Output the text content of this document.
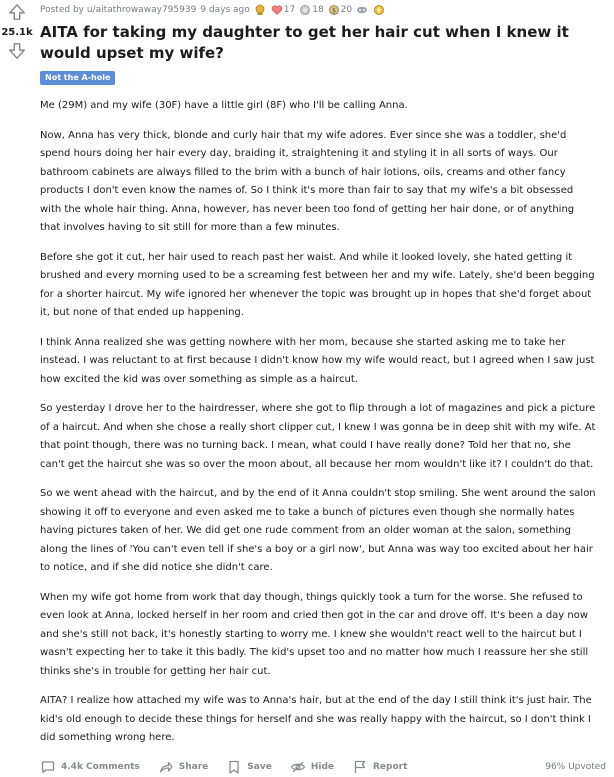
25.1k
Posted by u/aitathrowaway795939 9 days ago	17 18 $ 20
AITA for taking my daughter to get her hair cut when I knew it would upset my wife?
Not the A-hole

Me (29M) and my wife (30F) have a little girl (8F) who I'll be calling Anna.

Now, Anna has very thick, blonde and curly hair that my wife adores. Ever since she was a toddler, she'd spend hours doing her hair every day, braiding it, straightening it and styling it in all sorts of ways. Our bathroom cabinets are always filled to the brim with a bunch of hair lotions, oils, creams and other fancy products I don't even know the names of. So I think it's more than fair to say that my wife's a bit obsessed with the whole hair thing. Anna, however, has never been too fond of getting her hair done, or of anything that involves having to sit still for more than a few minutes.

Before she got it cut, her hair used to reach past her waist. And while it looked lovely, she hated getting it brushed and every morning used to be a screaming fest between her and my wife. Lately, she'd been begging for a shorter haircut. My wife ignored her whenever the topic was brought up in hopes that she'd forget about it, but none of that ended up happening.

I think Anna realized she was getting nowhere with her mom, because she started asking me to take her instead. I was reluctant to at first because I didn't know how my wife would react, but I agreed when I saw just how excited the kid was over something as simple as a haircut.

So yesterday I drove her to the hairdresser, where she got to flip through a lot of magazines and pick a picture of a haircut. And when she chose a really short clipper cut, I knew I was gonna be in deep shit with my wife. At that point though, there was no turning back. I mean, what could I have really done? Told her that no, she can't get the haircut she was so over the moon about, all because her mom wouldn't like it? I couldn't do that.

So we went ahead with the haircut, and by the end of it Anna couldn't stop smiling. She went around the salon showing it off to everyone and even asked me to take a bunch of pictures even though she normally hates having pictures taken of her. We did get one rude comment from an older woman at the salon, something along the lines of 'You can't even tell if she's a boy or a girl now', but Anna was way too excited about her hair to notice, and if she did notice she didn't care.

When my wife got home from work that day though, things quickly took a turn for the worse. She refused to even look at Anna, locked herself in her room and cried then got in the car and drove off. It's been a day now and she's still not back, it's honestly starting to worry me. I knew she wouldn't react well to the haircut but I wasn't expecting her to take it this badly. The kid's upset too and no matter how much I reassure her she still thinks she's in trouble for getting her hair cut.

AITA? I realize how attached my wife was to Anna's hair, but at the end of the day I still think it's just hair. The kid's old enough to decide these things for herself and she was really happy with the haircut, so I don't think I did something wrong here.

4.4k Comments	Share	Save	Hide	Report	96% Upvoted
